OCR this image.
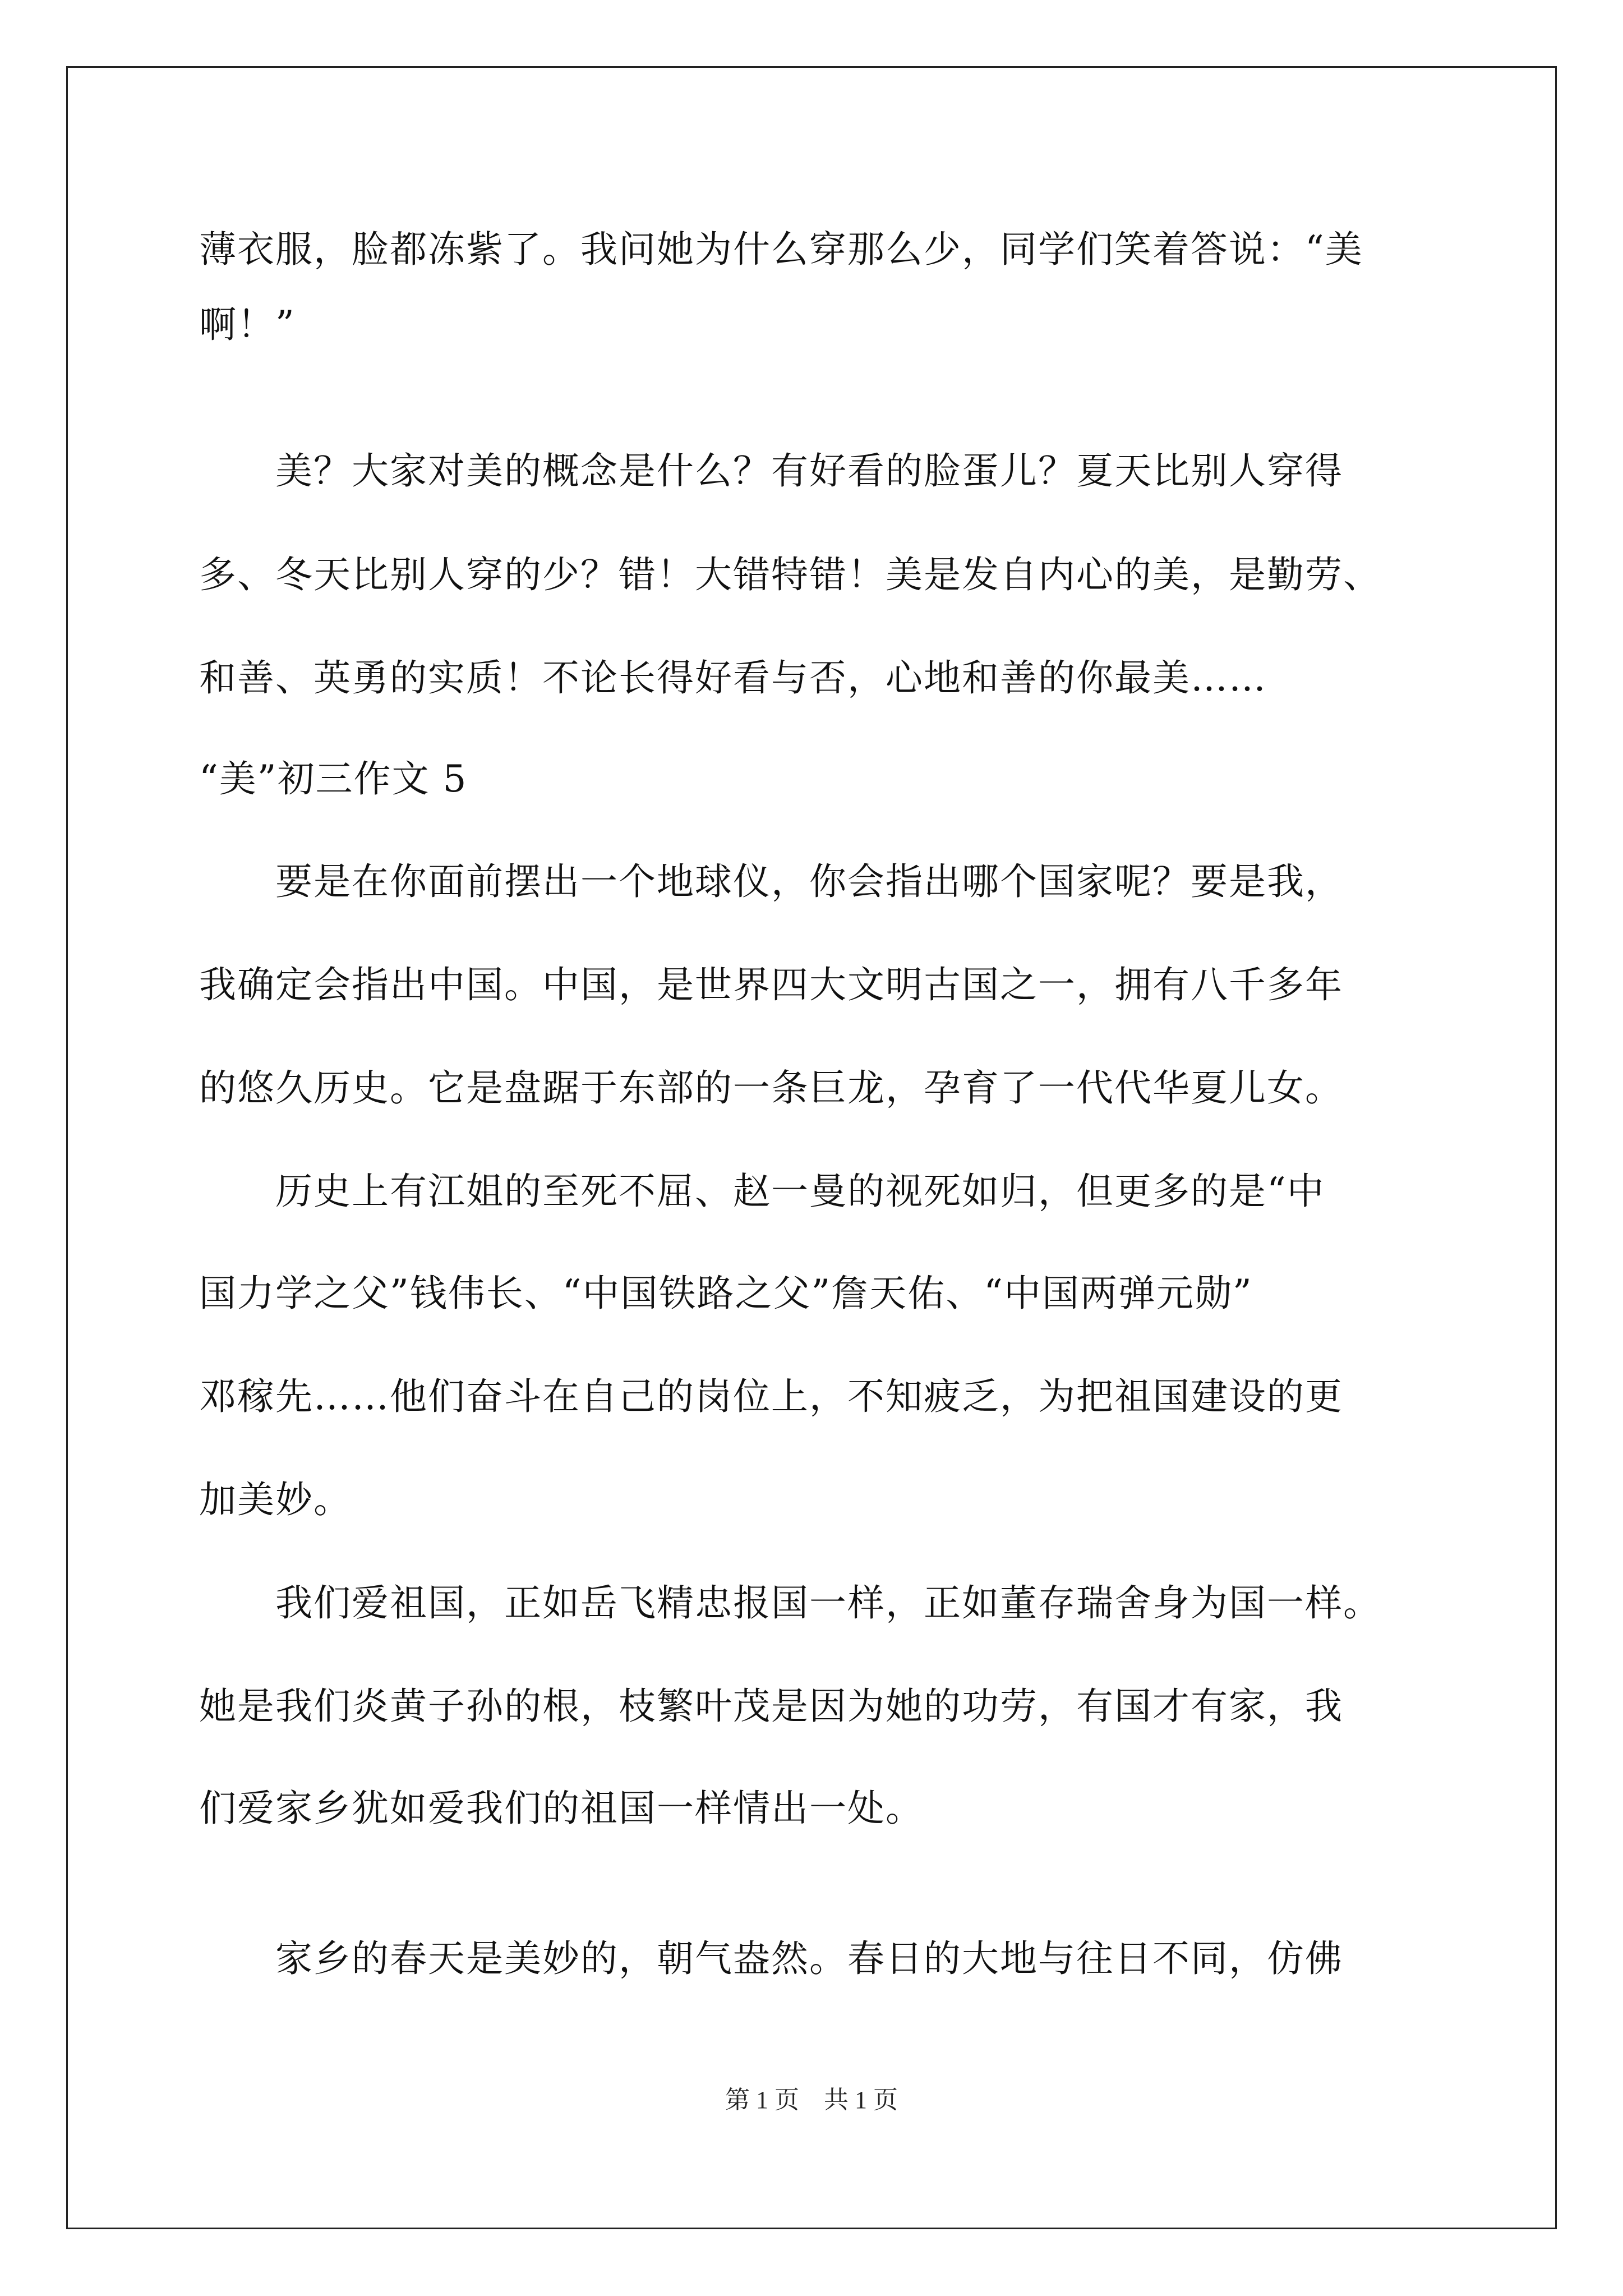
薄衣服，脸都冻紫了。我问她为什么穿那么少，同学们笑着答说：“美
啊！”
　　美？大家对美的概念是什么？有好看的脸蛋儿？夏天比别人穿得
多、冬天比别人穿的少？错！大错特错！美是发自内心的美，是勤劳、
和善、英勇的实质！不论长得好看与否，心地和善的你最美……
“美”初三作文 5
　　要是在你面前摆出一个地球仪，你会指出哪个国家呢？要是我，
我确定会指出中国。中国，是世界四大文明古国之一，拥有八千多年
的悠久历史。它是盘踞于东部的一条巨龙，孕育了一代代华夏儿女。
　　历史上有江姐的至死不屈、赵一曼的视死如归，但更多的是“中
国力学之父”钱伟长、“中国铁路之父”詹天佑、“中国两弹元勋”
邓稼先……他们奋斗在自己的岗位上，不知疲乏，为把祖国建设的更
加美妙。
　　我们爱祖国，正如岳飞精忠报国一样，正如董存瑞舍身为国一样。
她是我们炎黄子孙的根，枝繁叶茂是因为她的功劳，有国才有家，我
们爱家乡犹如爱我们的祖国一样情出一处。
　　家乡的春天是美妙的，朝气盎然。春日的大地与往日不同，仿佛
第 1 页　共 1 页
